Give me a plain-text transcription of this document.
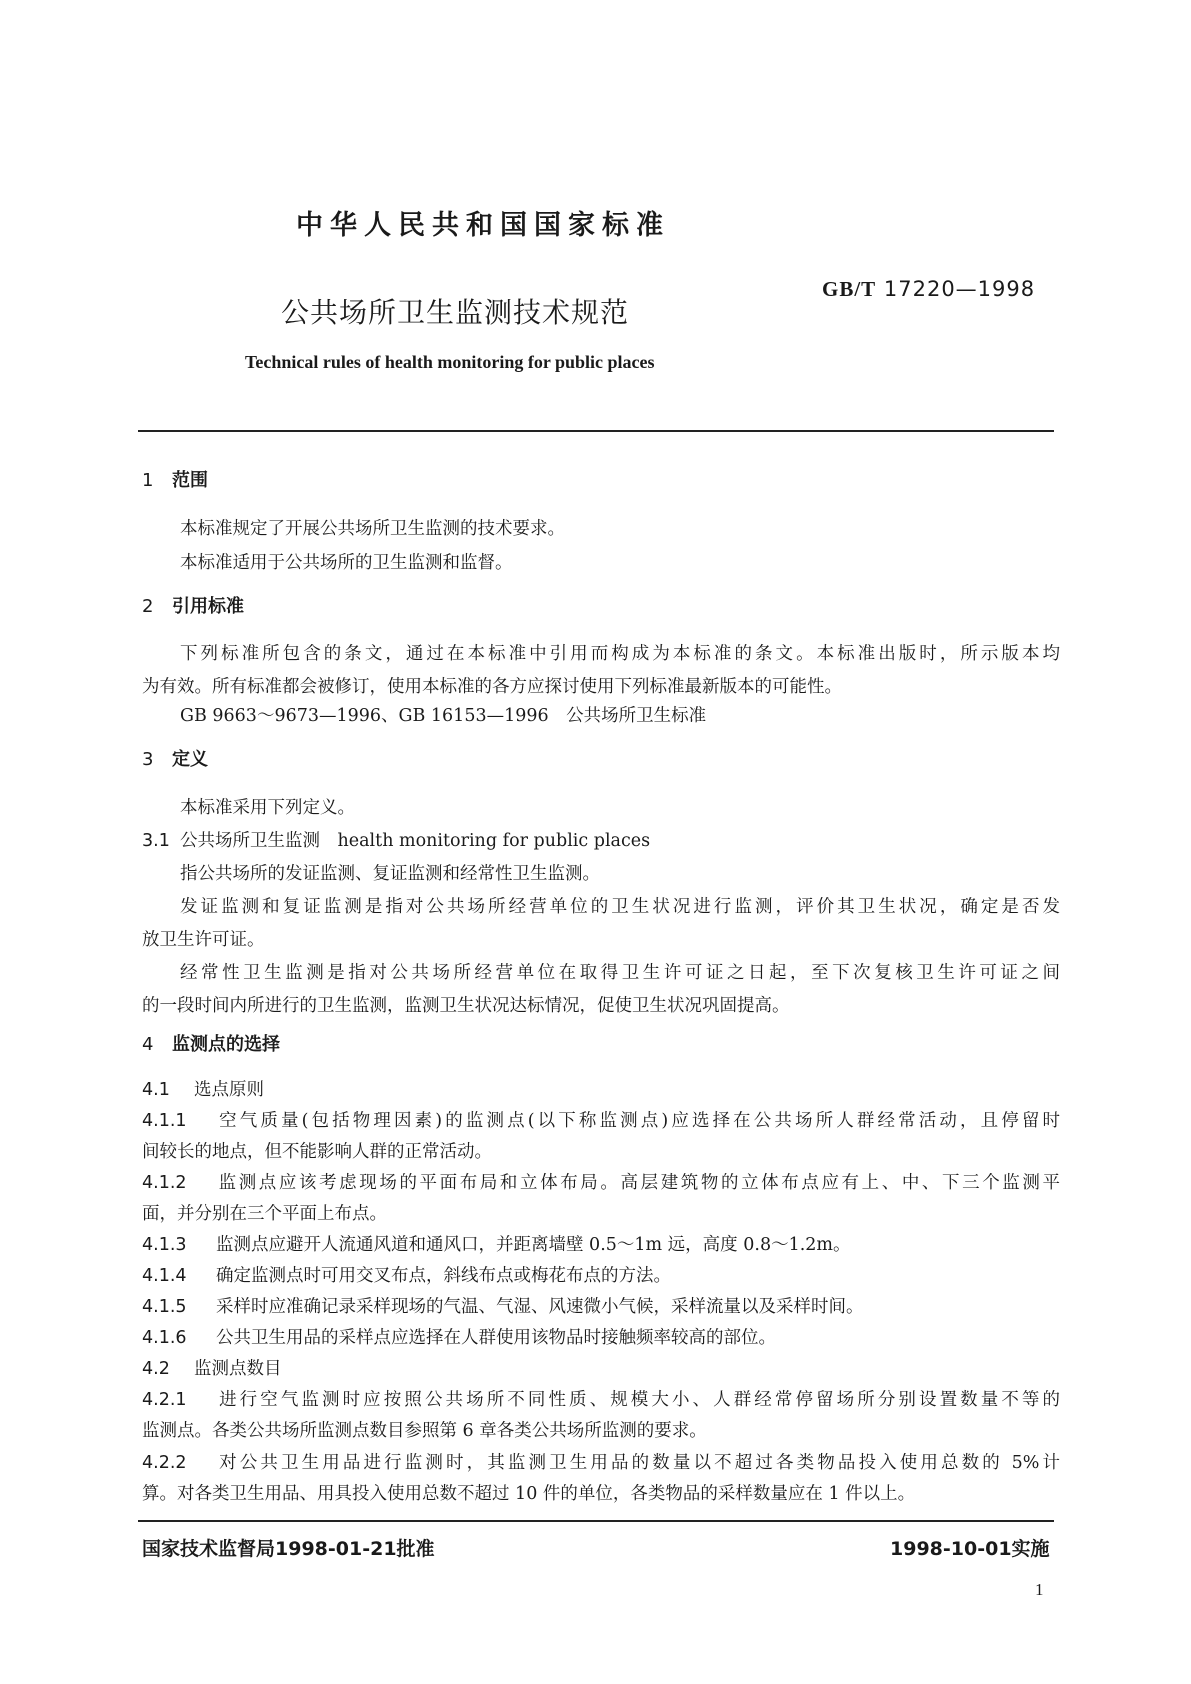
中华人民共和国国家标准
公共场所卫生监测技术规范
GB/T 17220—1998
Technical rules of health monitoring for public places
1 范围
本标准规定了开展公共场所卫生监测的技术要求。
本标准适用于公共场所的卫生监测和监督。
2 引用标准
下列标准所包含的条文，通过在本标准中引用而构成为本标准的条文。本标准出版时，所示版本均
为有效。所有标准都会被修订，使用本标准的各方应探讨使用下列标准最新版本的可能性。
GB 9663～9673—1996、GB 16153—1996　公共场所卫生标准
3 定义
本标准采用下列定义。
3.1 公共场所卫生监测　health monitoring for public places
指公共场所的发证监测、复证监测和经常性卫生监测。
发证监测和复证监测是指对公共场所经营单位的卫生状况进行监测，评价其卫生状况，确定是否发
放卫生许可证。
经常性卫生监测是指对公共场所经营单位在取得卫生许可证之日起，至下次复核卫生许可证之间
的一段时间内所进行的卫生监测，监测卫生状况达标情况，促使卫生状况巩固提高。
4 监测点的选择
4.1 选点原则
4.1.1 空气质量(包括物理因素)的监测点(以下称监测点)应选择在公共场所人群经常活动，且停留时
间较长的地点，但不能影响人群的正常活动。
4.1.2 监测点应该考虑现场的平面布局和立体布局。高层建筑物的立体布点应有上、中、下三个监测平
面，并分别在三个平面上布点。
4.1.3 监测点应避开人流通风道和通风口，并距离墙壁 0.5～1m 远，高度 0.8～1.2m。
4.1.4 确定监测点时可用交叉布点，斜线布点或梅花布点的方法。
4.1.5 采样时应准确记录采样现场的气温、气湿、风速微小气候，采样流量以及采样时间。
4.1.6 公共卫生用品的采样点应选择在人群使用该物品时接触频率较高的部位。
4.2 监测点数目
4.2.1 进行空气监测时应按照公共场所不同性质、规模大小、人群经常停留场所分别设置数量不等的
监测点。各类公共场所监测点数目参照第 6 章各类公共场所监测的要求。
4.2.2 对公共卫生用品进行监测时，其监测卫生用品的数量以不超过各类物品投入使用总数的 5%计
算。对各类卫生用品、用具投入使用总数不超过 10 件的单位，各类物品的采样数量应在 1 件以上。
国家技术监督局1998-01-21批准	1998-10-01实施
1
